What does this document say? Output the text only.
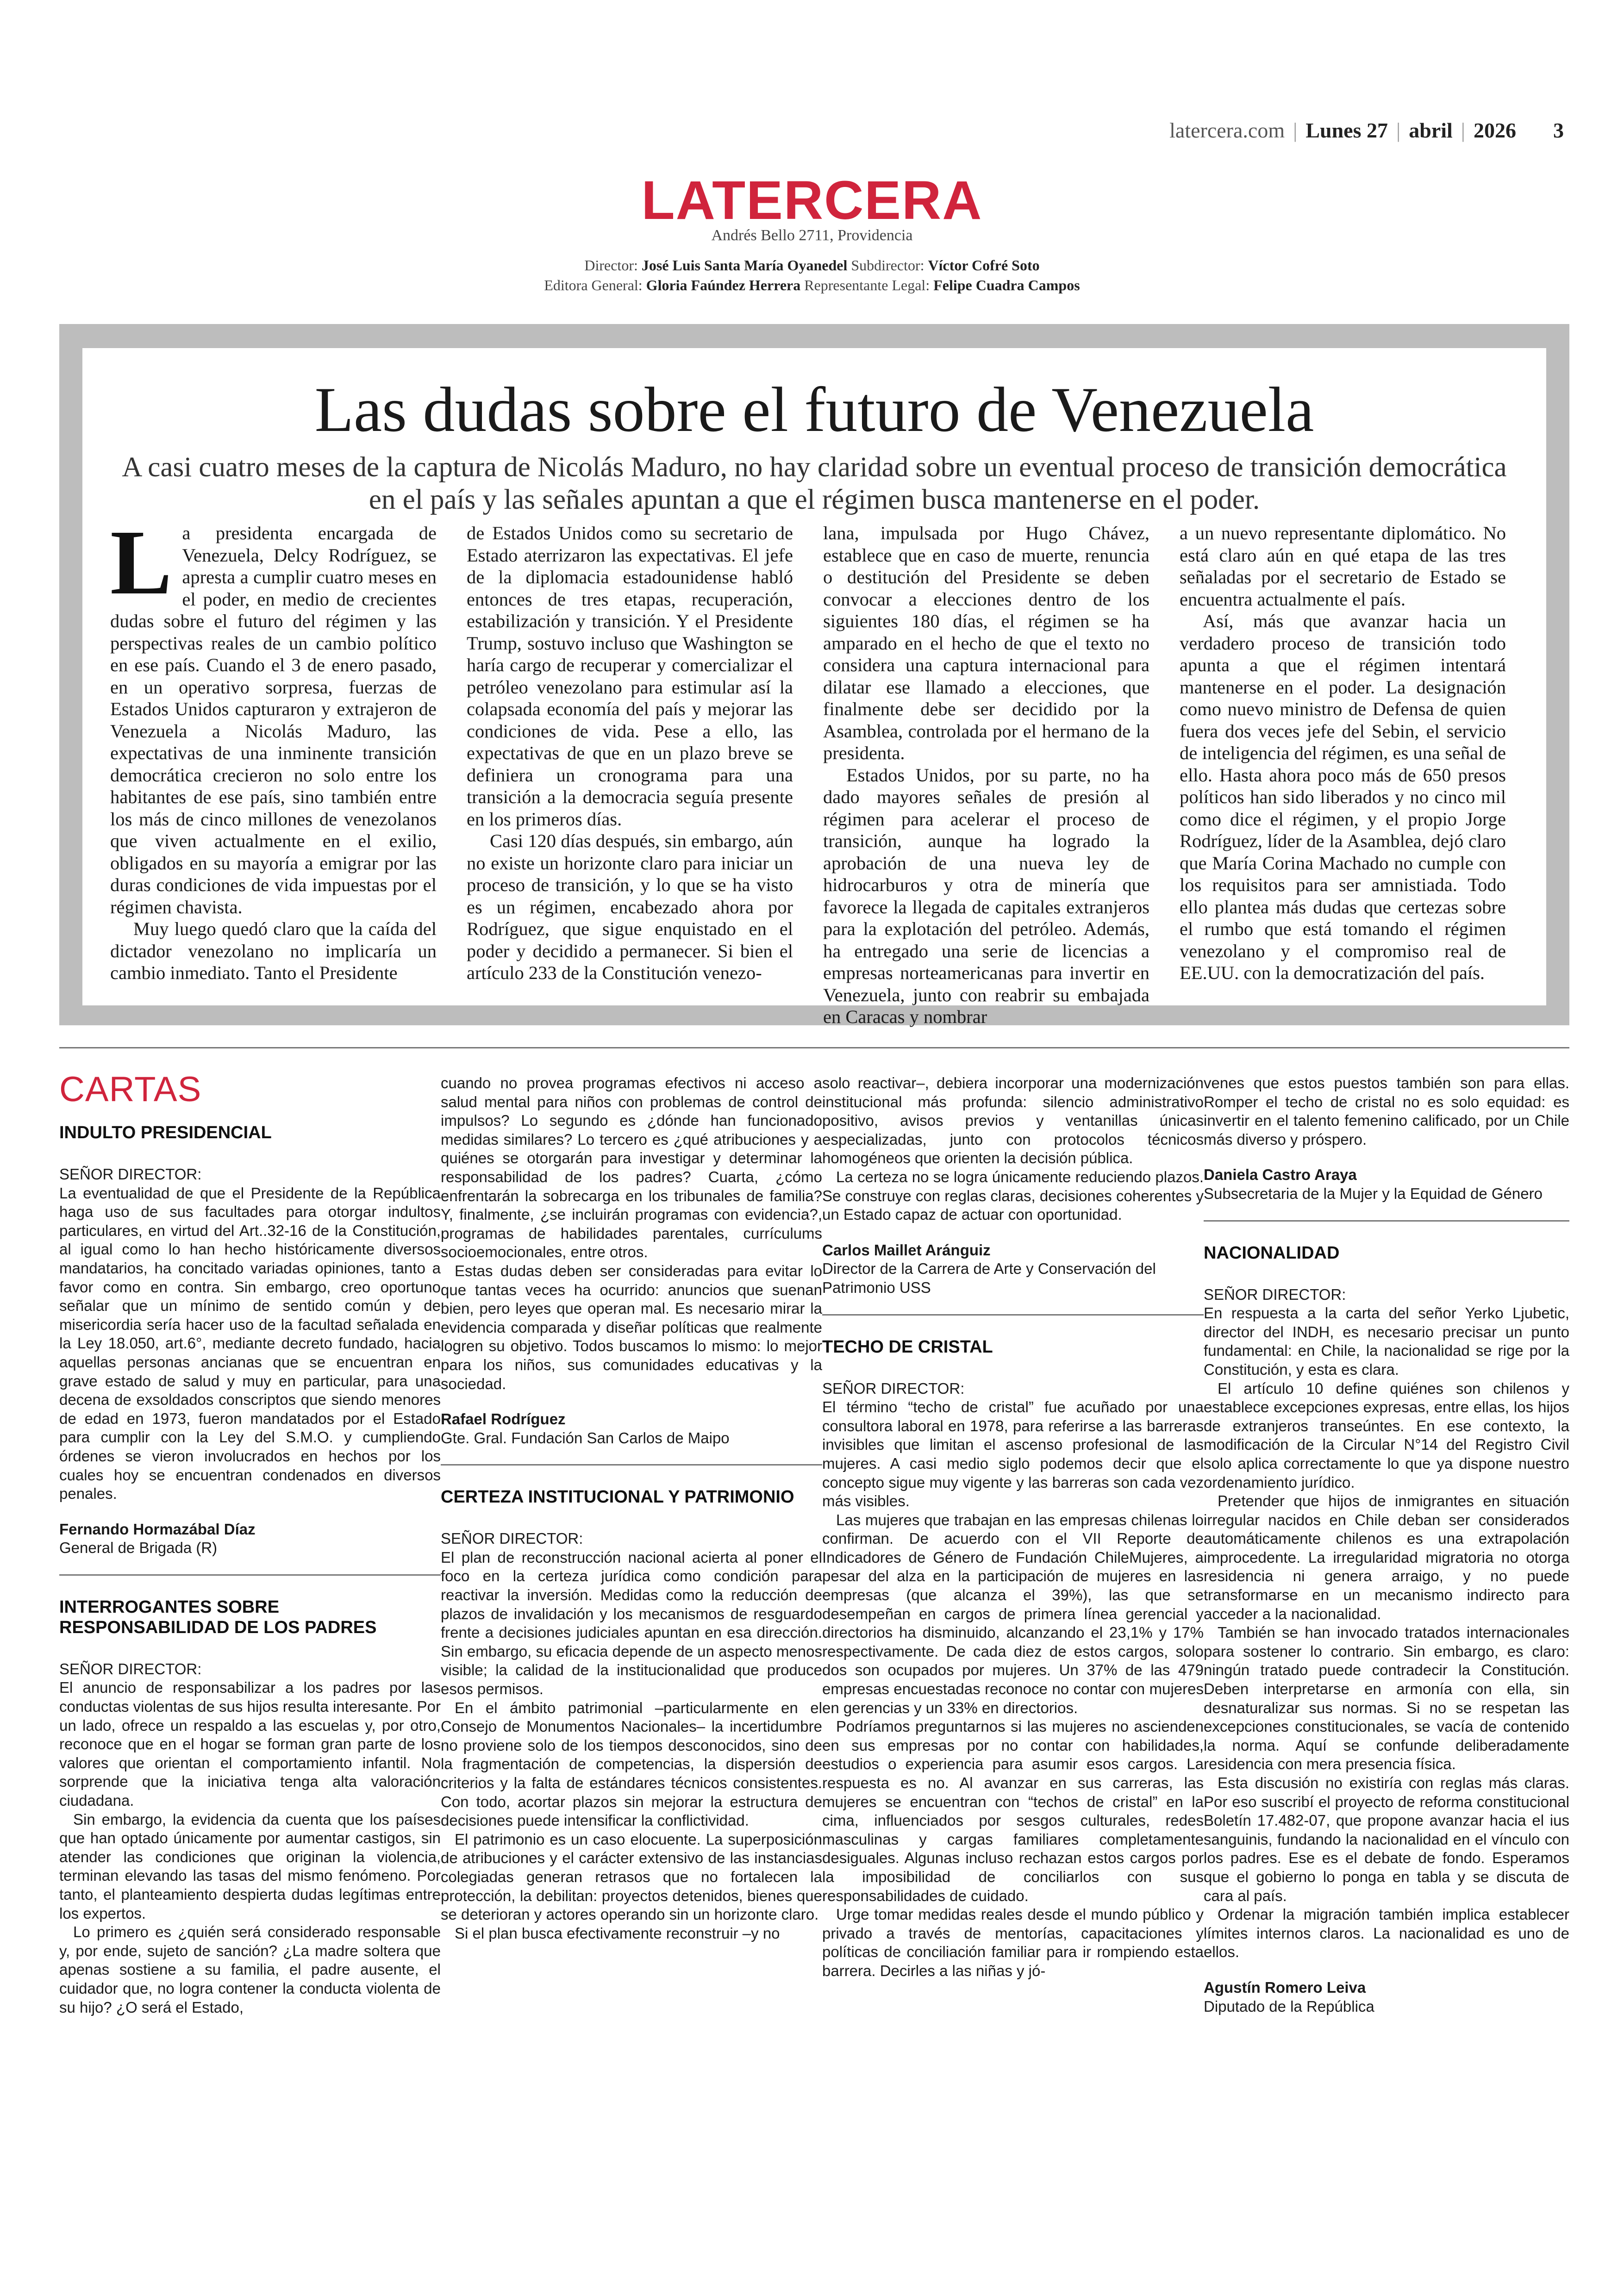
latercera.com | Lunes 27 | abril | 2026 3
LATERCERA
Andrés Bello 2711, Providencia
Director: José Luis Santa María Oyanedel Subdirector: Víctor Cofré Soto
Editora General: Gloria Faúndez Herrera Representante Legal: Felipe Cuadra Campos
Las dudas sobre el futuro de Venezuela
A casi cuatro meses de la captura de Nicolás Maduro, no hay claridad sobre un eventual proceso de transición democrática en el país y las señales apuntan a que el régimen busca mantenerse en el poder.
L a presidenta encargada de Venezuela, Delcy Rodríguez, se apresta a cumplir cuatro meses en el poder, en medio de crecientes dudas sobre el futuro del régimen y las perspectivas reales de un cambio político en ese país. Cuando el 3 de enero pasado, en un operativo sorpresa, fuerzas de Estados Unidos capturaron y extrajeron de Venezuela a Nicolás Maduro, las expectativas de una inminente transición democrática crecieron no solo entre los habitantes de ese país, sino también entre los más de cinco millones de venezolanos que viven actualmente en el exilio, obligados en su mayoría a emigrar por las duras condiciones de vida impuestas por el régimen chavista.

Muy luego quedó claro que la caída del dictador venezolano no implicaría un cambio inmediato. Tanto el Presidente

de Estados Unidos como su secretario de Estado aterrizaron las expectativas. El jefe de la diplomacia estadounidense habló entonces de tres etapas, recuperación, estabilización y transición. Y el Presidente Trump, sostuvo incluso que Washington se haría cargo de recuperar y comercializar el petróleo venezolano para estimular así la colapsada economía del país y mejorar las condiciones de vida. Pese a ello, las expectativas de que en un plazo breve se definiera un cronograma para una transición a la democracia seguía presente en los primeros días.

Casi 120 días después, sin embargo, aún no existe un horizonte claro para iniciar un proceso de transición, y lo que se ha visto es un régimen, encabezado ahora por Rodríguez, que sigue enquistado en el poder y decidido a permanecer. Si bien el artículo 233 de la Constitución venezo-

lana, impulsada por Hugo Chávez, establece que en caso de muerte, renuncia o destitución del Presidente se deben convocar a elecciones dentro de los siguientes 180 días, el régimen se ha amparado en el hecho de que el texto no considera una captura internacional para dilatar ese llamado a elecciones, que finalmente debe ser decidido por la Asamblea, controlada por el hermano de la presidenta.

Estados Unidos, por su parte, no ha dado mayores señales de presión al régimen para acelerar el proceso de transición, aunque ha logrado la aprobación de una nueva ley de hidrocarburos y otra de minería que favorece la llegada de capitales extranjeros para la explotación del petróleo. Además, ha entregado una serie de licencias a empresas norteamericanas para invertir en Venezuela, junto con reabrir su embajada en Caracas y nombrar

a un nuevo representante diplomático. No está claro aún en qué etapa de las tres señaladas por el secretario de Estado se encuentra actualmente el país.

Así, más que avanzar hacia un verdadero proceso de transición todo apunta a que el régimen intentará mantenerse en el poder. La designación como nuevo ministro de Defensa de quien fuera dos veces jefe del Sebin, el servicio de inteligencia del régimen, es una señal de ello. Hasta ahora poco más de 650 presos políticos han sido liberados y no cinco mil como dice el régimen, y el propio Jorge Rodríguez, líder de la Asamblea, dejó claro que María Corina Machado no cumple con los requisitos para ser amnistiada. Todo ello plantea más dudas que certezas sobre el rumbo que está tomando el régimen venezolano y el compromiso real de EE.UU. con la democratización del país.

CARTAS
INDULTO PRESIDENCIAL
SEÑOR DIRECTOR:

La eventualidad de que el Presidente de la República haga uso de sus facultades para otorgar indultos particulares, en virtud del Art..32-16 de la Constitución, al igual como lo han hecho históricamente diversos mandatarios, ha concitado variadas opiniones, tanto a favor como en contra. Sin embargo, creo oportuno señalar que un mínimo de sentido común y de misericordia sería hacer uso de la facultad señalada en la Ley 18.050, art.6°, mediante decreto fundado, hacia aquellas personas ancianas que se encuentran en grave estado de salud y muy en particular, para una decena de exsoldados conscriptos que siendo menores de edad en 1973, fueron mandatados por el Estado para cumplir con la Ley del S.M.O. y cumpliendo órdenes se vieron involucrados en hechos por los cuales hoy se encuentran condenados en diversos penales.

Fernando Hormazábal Díaz
General de Brigada (R)
INTERROGANTES SOBRE RESPONSABILIDAD DE LOS PADRES
SEÑOR DIRECTOR:

El anuncio de responsabilizar a los padres por las conductas violentas de sus hijos resulta interesante. Por un lado, ofrece un respaldo a las escuelas y, por otro, reconoce que en el hogar se forman gran parte de los valores que orientan el comportamiento infantil. No sorprende que la iniciativa tenga alta valoración ciudadana.

Sin embargo, la evidencia da cuenta que los países que han optado únicamente por aumentar castigos, sin atender las condiciones que originan la violencia, terminan elevando las tasas del mismo fenómeno. Por tanto, el planteamiento despierta dudas legítimas entre los expertos.

Lo primero es ¿quién será considerado responsable y, por ende, sujeto de sanción? ¿La madre soltera que apenas sostiene a su familia, el padre ausente, el cuidador que, no logra contener la conducta violenta de su hijo? ¿O será el Estado,

cuando no provea programas efectivos ni acceso a salud mental para niños con problemas de control de impulsos? Lo segundo es ¿dónde han funcionado medidas similares? Lo tercero es ¿qué atribuciones y a quiénes se otorgarán para investigar y determinar la responsabilidad de los padres? Cuarta, ¿cómo enfrentarán la sobrecarga en los tribunales de familia? Y, finalmente, ¿se incluirán programas con evidencia?, programas de habilidades parentales, currículums socioemocionales, entre otros.

Estas dudas deben ser consideradas para evitar lo que tantas veces ha ocurrido: anuncios que suenan bien, pero leyes que operan mal. Es necesario mirar la evidencia comparada y diseñar políticas que realmente logren su objetivo. Todos buscamos lo mismo: lo mejor para los niños, sus comunidades educativas y la sociedad.

Rafael Rodríguez
Gte. Gral. Fundación San Carlos de Maipo
CERTEZA INSTITUCIONAL Y PATRIMONIO
SEÑOR DIRECTOR:

El plan de reconstrucción nacional acierta al poner el foco en la certeza jurídica como condición para reactivar la inversión. Medidas como la reducción de plazos de invalidación y los mecanismos de resguardo frente a decisiones judiciales apuntan en esa dirección. Sin embargo, su eficacia depende de un aspecto menos visible; la calidad de la institucionalidad que produce esos permisos.

En el ámbito patrimonial –particularmente en el Consejo de Monumentos Nacionales– la incertidumbre no proviene solo de los tiempos desconocidos, sino de la fragmentación de competencias, la dispersión de criterios y la falta de estándares técnicos consistentes. Con todo, acortar plazos sin mejorar la estructura de decisiones puede intensificar la conflictividad.

El patrimonio es un caso elocuente. La superposición de atribuciones y el carácter extensivo de las instancias colegiadas generan retrasos que no fortalecen la protección, la debilitan: proyectos detenidos, bienes que se deterioran y actores operando sin un horizonte claro.

Si el plan busca efectivamente reconstruir –y no

solo reactivar–, debiera incorporar una modernización institucional más profunda: silencio administrativo positivo, avisos previos y ventanillas únicas especializadas, junto con protocolos técnicos homogéneos que orienten la decisión pública.

La certeza no se logra únicamente reduciendo plazos. Se construye con reglas claras, decisiones coherentes y un Estado capaz de actuar con oportunidad.

Carlos Maillet Aránguiz
Director de la Carrera de Arte y Conservación del Patrimonio USS
TECHO DE CRISTAL
SEÑOR DIRECTOR:

El término “techo de cristal” fue acuñado por una consultora laboral en 1978, para referirse a las barreras invisibles que limitan el ascenso profesional de las mujeres. A casi medio siglo podemos decir que el concepto sigue muy vigente y las barreras son cada vez más visibles.

Las mujeres que trabajan en las empresas chilenas lo confirman. De acuerdo con el VII Reporte de Indicadores de Género de Fundación ChileMujeres, a pesar del alza en la participación de mujeres en las empresas (que alcanza el 39%), las que se desempeñan en cargos de primera línea gerencial y directorios ha disminuido, alcanzando el 23,1% y 17% respectivamente. De cada diez de estos cargos, solo dos son ocupados por mujeres. Un 37% de las 479 empresas encuestadas reconoce no contar con mujeres en gerencias y un 33% en directorios.

Podríamos preguntarnos si las mujeres no ascienden en sus empresas por no contar con habilidades, estudios o experiencia para asumir esos cargos. La respuesta es no. Al avanzar en sus carreras, las mujeres se encuentran con “techos de cristal” en la cima, influenciados por sesgos culturales, redes masculinas y cargas familiares completamente desiguales. Algunas incluso rechazan estos cargos por la imposibilidad de conciliarlos con sus responsabilidades de cuidado.

Urge tomar medidas reales desde el mundo público y privado a través de mentorías, capacitaciones y políticas de conciliación familiar para ir rompiendo esta barrera. Decirles a las niñas y jó-

venes que estos puestos también son para ellas. Romper el techo de cristal no es solo equidad: es invertir en el talento femenino calificado, por un Chile más diverso y próspero.

Daniela Castro Araya
Subsecretaria de la Mujer y la Equidad de Género
NACIONALIDAD
SEÑOR DIRECTOR:

En respuesta a la carta del señor Yerko Ljubetic, director del INDH, es necesario precisar un punto fundamental: en Chile, la nacionalidad se rige por la Constitución, y esta es clara.

El artículo 10 define quiénes son chilenos y establece excepciones expresas, entre ellas, los hijos de extranjeros transeúntes. En ese contexto, la modificación de la Circular N°14 del Registro Civil solo aplica correctamente lo que ya dispone nuestro ordenamiento jurídico.

Pretender que hijos de inmigrantes en situación irregular nacidos en Chile deban ser considerados automáticamente chilenos es una extrapolación improcedente. La irregularidad migratoria no otorga residencia ni genera arraigo, y no puede transformarse en un mecanismo indirecto para acceder a la nacionalidad.

También se han invocado tratados internacionales para sostener lo contrario. Sin embargo, es claro: ningún tratado puede contradecir la Constitución. Deben interpretarse en armonía con ella, sin desnaturalizar sus normas. Si no se respetan las excepciones constitucionales, se vacía de contenido la norma. Aquí se confunde deliberadamente residencia con mera presencia física.

Esta discusión no existiría con reglas más claras. Por eso suscribí el proyecto de reforma constitucional Boletín 17.482-07, que propone avanzar hacia el ius sanguinis, fundando la nacionalidad en el vínculo con los padres. Ese es el debate de fondo. Esperamos que el gobierno lo ponga en tabla y se discuta de cara al país.

Ordenar la migración también implica establecer límites internos claros. La nacionalidad es uno de ellos.

Agustín Romero Leiva
Diputado de la República
